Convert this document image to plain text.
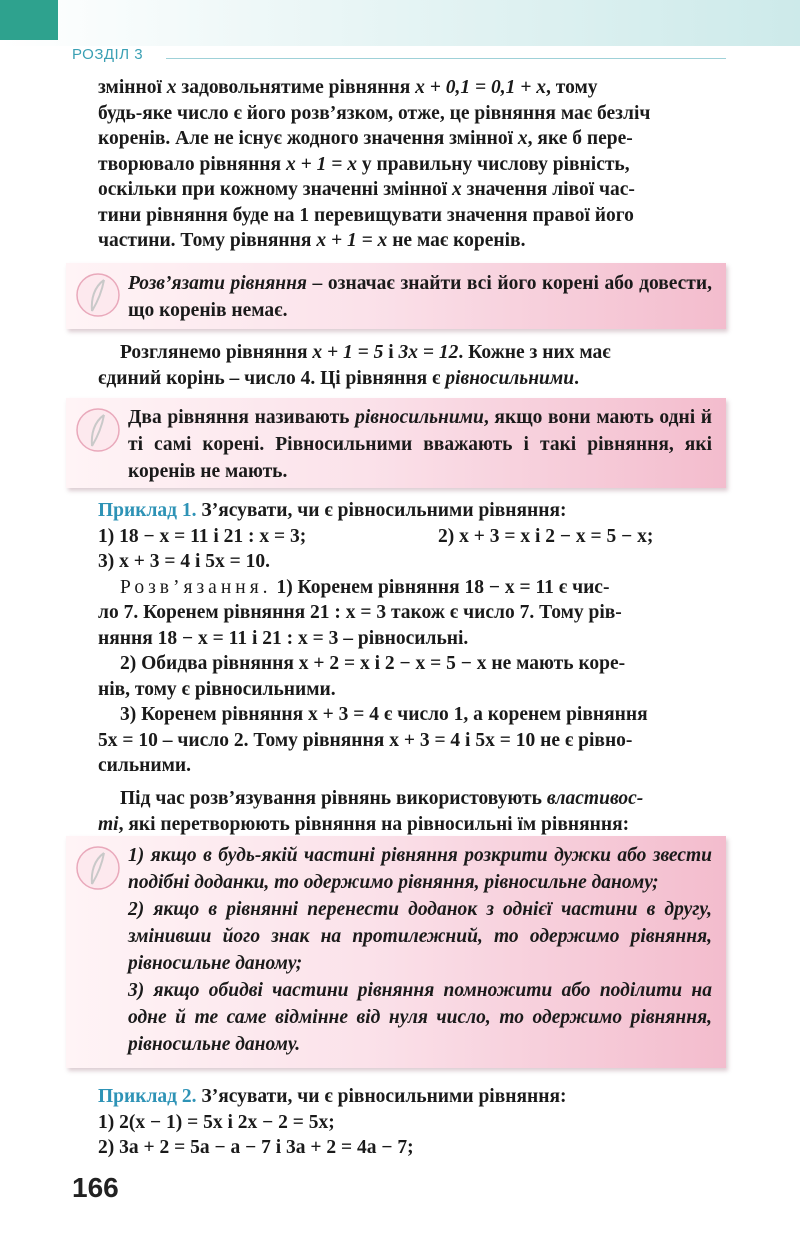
РОЗДІЛ 3

змінної x задовольнятиме рівняння x + 0,1 = 0,1 + x, тому

будь-яке число є його розв’язком, отже, це рівняння має безліч

коренів. Але не існує жодного значення змінної x, яке б пере-

творювало рівняння x + 1 = x у правильну числову рівність,

оскільки при кожному значенні змінної x значення лівої час-

тини рівняння буде на 1 перевищувати значення правої його

частини. Тому рівняння x + 1 = x не має коренів.

Розв’язати рівняння – означає знайти всі його корені або довести, що коренів немає.

Розглянемо рівняння x + 1 = 5 і 3x = 12. Кожне з них має

єдиний корінь – число 4. Ці рівняння є рівносильними.

Два рівняння називають рівносильними, якщо вони мають одні й ті самі корені. Рівносильними вважають і такі рівняння, які коренів не мають.

Приклад 1. З’ясувати, чи є рівносильними рівняння:

1) 18 − x = 11 і 21 : x = 3;	2) x + 3 = x і 2 − x = 5 − x;

3) x + 3 = 4 і 5x = 10.

Розв’язання. 1) Коренем рівняння 18 − x = 11 є чис-

ло 7. Коренем рівняння 21 : x = 3 також є число 7. Тому рів-

няння 18 − x = 11 і 21 : x = 3 – рівносильні.

2) Обидва рівняння x + 2 = x і 2 − x = 5 − x не мають коре-

нів, тому є рівносильними.

3) Коренем рівняння x + 3 = 4 є число 1, а коренем рівняння

5x = 10 – число 2. Тому рівняння x + 3 = 4 і 5x = 10 не є рівно-

сильними.

Під час розв’язування рівнянь використовують властивос-

ті, які перетворюють рівняння на рівносильні їм рівняння:

1) якщо в будь-якій частині рівняння розкрити дужки або звести подібні доданки, то одержимо рівняння, рівносильне даному;
2) якщо в рівнянні перенести доданок з однієї частини в другу, змінивши його знак на протилежний, то одержимо рівняння, рівносильне даному;
3) якщо обидві частини рівняння помножити або поділити на одне й те саме відмінне від нуля число, то одержимо рівняння, рівносильне даному.

Приклад 2. З’ясувати, чи є рівносильними рівняння:

1) 2(x − 1) = 5x і 2x − 2 = 5x;

2) 3a + 2 = 5a − a − 7 і 3a + 2 = 4a − 7;

166
